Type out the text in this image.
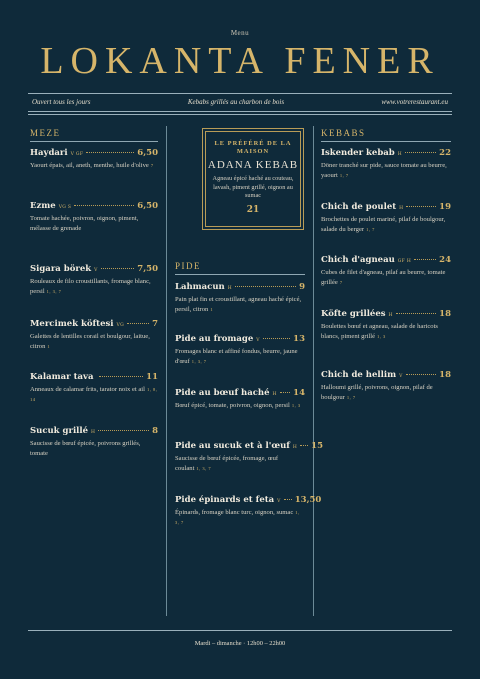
Menu
LOKANTA FENER
Ouvert tous les jours	Kebabs grillés au charbon de bois	www.votrerestaurant.eu
MEZE
Haydari V GF	6,50
Yaourt épais, ail, aneth, menthe, huile d'olive 7
Ezme VG S	6,50
Tomate hachée, poivron, oignon, piment, mélasse de grenade
Sigara börek V	7,50
Rouleaux de filo croustillants, fromage blanc, persil 1, 3, 7
Mercimek köftesi VG	7
Galettes de lentilles corail et boulgour, laitue, citron 1
Kalamar tava	11
Anneaux de calamar frits, tarator noix et ail 1, 8, 14
Sucuk grillé H	8
Saucisse de bœuf épicée, poivrons grillés, tomate
LE PRÉFÉRÉ DE LA MAISON
ADANA KEBAB
Agneau épicé haché au couteau, lavash, piment grillé, oignon au sumac
21
PIDE
Lahmacun H	9
Pain plat fin et croustillant, agneau haché épicé, persil, citron 1
Pide au fromage V	13
Fromages blanc et affiné fondus, beurre, jaune d'œuf 1, 3, 7
Pide au bœuf haché H 14
Bœuf épicé, tomate, poivron, oignon, persil 1, 3
Pide au sucuk et à l'œuf H 15
Saucisse de bœuf épicée, fromage, œuf coulant 1, 3, 7
Pide épinards et feta V 13,50
Épinards, fromage blanc turc, oignon, sumac 1, 3, 7
KEBABS
Iskender kebab H	22
Döner tranché sur pide, sauce tomate au beurre, yaourt 1, 7
Chich de poulet H	19
Brochettes de poulet mariné, pilaf de boulgour, salade du berger 1, 7
Chich d'agneau GF H	24
Cubes de filet d'agneau, pilaf au beurre, tomate grillée 7
Köfte grillées H	18
Boulettes bœuf et agneau, salade de haricots blancs, piment grillé 1, 3
Chich de hellim V	18
Halloumi grillé, poivrons, oignon, pilaf de boulgour 1, 7
Mardi – dimanche · 12h00 – 22h00
